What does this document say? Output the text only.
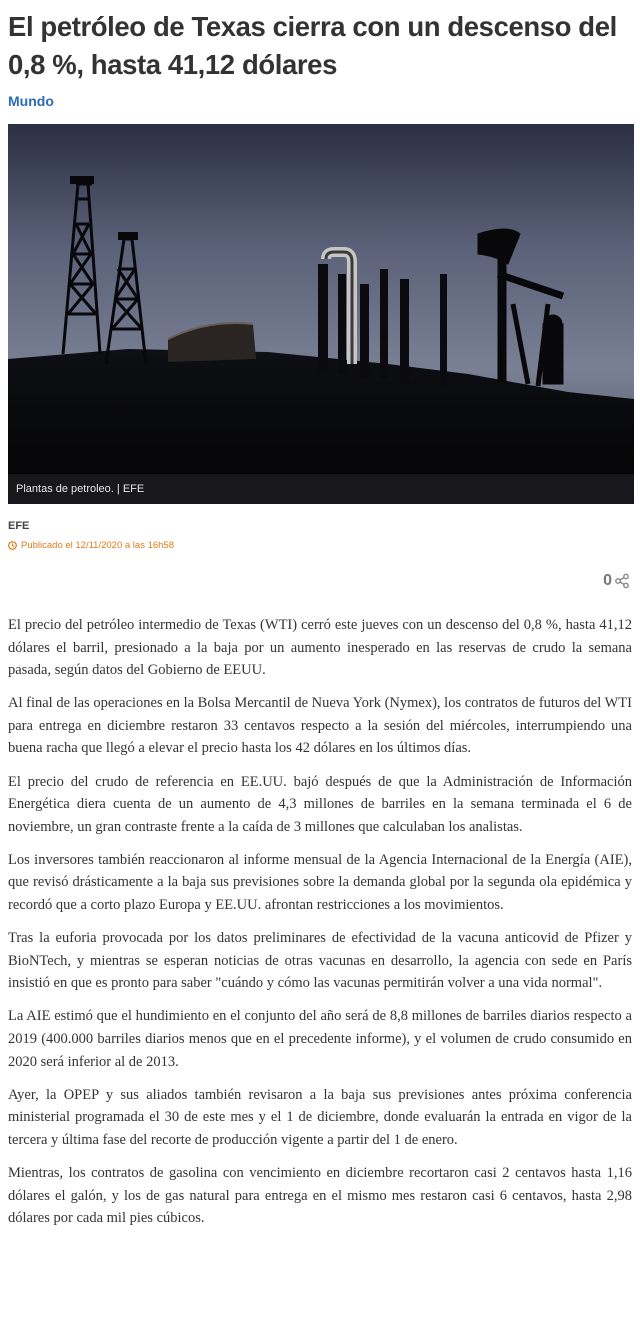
El petróleo de Texas cierra con un descenso del 0,8 %, hasta 41,12 dólares
Mundo
Plantas de petroleo. | EFE
EFE
Publicado el 12/11/2020 a las 16h58
0

El precio del petróleo intermedio de Texas (WTI) cerró este jueves con un descenso del 0,8 %, hasta 41,12 dólares el barril, presionado a la baja por un aumento inesperado en las reservas de crudo la semana pasada, según datos del Gobierno de EEUU.

Al final de las operaciones en la Bolsa Mercantil de Nueva York (Nymex), los contratos de futuros del WTI para entrega en diciembre restaron 33 centavos respecto a la sesión del miércoles, interrumpiendo una buena racha que llegó a elevar el precio hasta los 42 dólares en los últimos días.

El precio del crudo de referencia en EE.UU. bajó después de que la Administración de Información Energética diera cuenta de un aumento de 4,3 millones de barriles en la semana terminada el 6 de noviembre, un gran contraste frente a la caída de 3 millones que calculaban los analistas.

Los inversores también reaccionaron al informe mensual de la Agencia Internacional de la Energía (AIE), que revisó drásticamente a la baja sus previsiones sobre la demanda global por la segunda ola epidémica y recordó que a corto plazo Europa y EE.UU. afrontan restricciones a los movimientos.

Tras la euforia provocada por los datos preliminares de efectividad de la vacuna anticovid de Pfizer y BioNTech, y mientras se esperan noticias de otras vacunas en desarrollo, la agencia con sede en París insistió en que es pronto para saber "cuándo y cómo las vacunas permitirán volver a una vida normal".

La AIE estimó que el hundimiento en el conjunto del año será de 8,8 millones de barriles diarios respecto a 2019 (400.000 barriles diarios menos que en el precedente informe), y el volumen de crudo consumido en 2020 será inferior al de 2013.

Ayer, la OPEP y sus aliados también revisaron a la baja sus previsiones antes próxima conferencia ministerial programada el 30 de este mes y el 1 de diciembre, donde evaluarán la entrada en vigor de la tercera y última fase del recorte de producción vigente a partir del 1 de enero.

Mientras, los contratos de gasolina con vencimiento en diciembre recortaron casi 2 centavos hasta 1,16 dólares el galón, y los de gas natural para entrega en el mismo mes restaron casi 6 centavos, hasta 2,98 dólares por cada mil pies cúbicos.
